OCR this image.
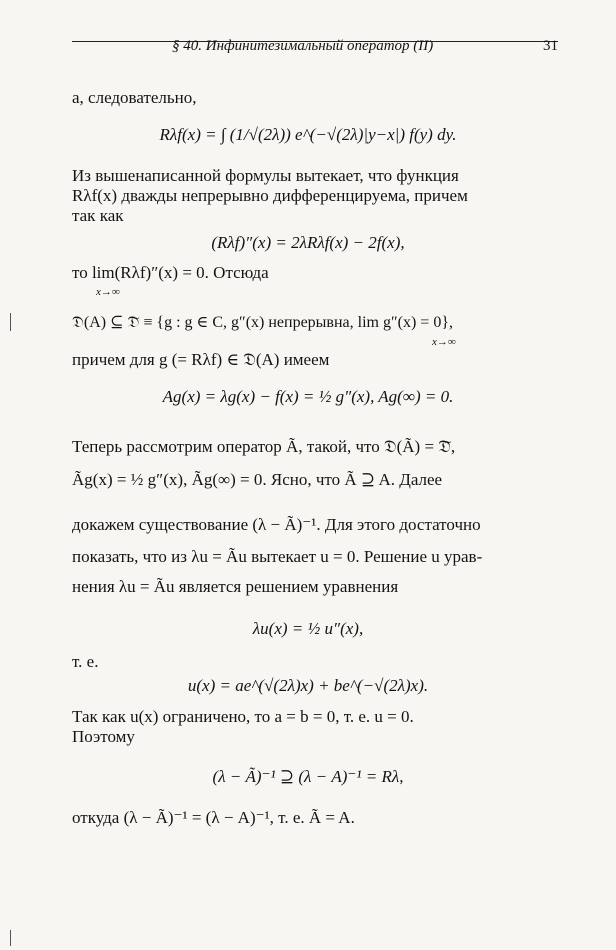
§ 40. Инфинитезимальный оператор (II)	31
а, следовательно,
Rλf(x) = ∫ (1/√(2λ)) e^(−√(2λ)|y−x|) f(y) dy.
Из вышенаписанной формулы вытекает, что функция
Rλf(x) дважды непрерывно дифференцируема, причем
так как
(Rλf)″(x) = 2λRλf(x) − 2f(x),
то lim(Rλf)″(x) = 0. Отсюда
x→∞
𝔇(A) ⊆ 𝔇̃ ≡ {g : g ∈ C, g″(x) непрерывна, lim g″(x) = 0},
x→∞
причем для g (= Rλf) ∈ 𝔇(A) имеем
Ag(x) = λg(x) − f(x) = ½ g″(x), Ag(∞) = 0.
Теперь рассмотрим оператор Ã, такой, что 𝔇(Ã) = 𝔇̃,
Ãg(x) = ½ g″(x), Ãg(∞) = 0. Ясно, что Ã ⊇ A. Далее
докажем существование (λ − Ã)⁻¹. Для этого достаточно
показать, что из λu = Ãu вытекает u = 0. Решение u урав-
нения λu = Ãu является решением уравнения
λu(x) = ½ u″(x),
т. е.
u(x) = ae^(√(2λ)x) + be^(−√(2λ)x).
Так как u(x) ограничено, то a = b = 0, т. е. u = 0.
Поэтому
(λ − Ã)⁻¹ ⊇ (λ − A)⁻¹ = Rλ,
откуда (λ − Ã)⁻¹ = (λ − A)⁻¹, т. е. Ã = A.
